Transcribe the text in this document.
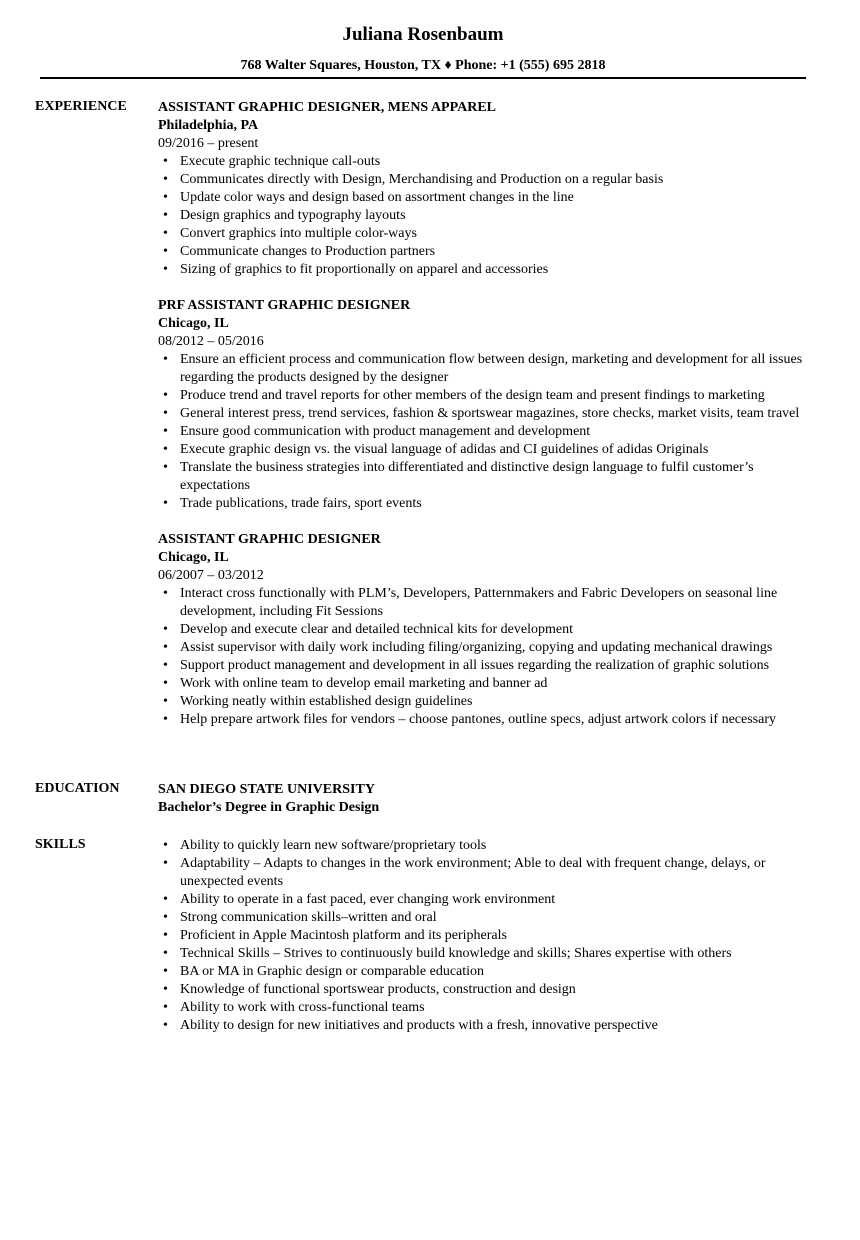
Juliana Rosenbaum
768 Walter Squares, Houston, TX ♦ Phone: +1 (555) 695 2818
EXPERIENCE ASSISTANT GRAPHIC DESIGNER, MENS APPAREL
Philadelphia, PA
09/2016 – present
• Execute graphic technique call-outs
• Communicates directly with Design, Merchandising and Production on a regular basis
• Update color ways and design based on assortment changes in the line
• Design graphics and typography layouts
• Convert graphics into multiple color-ways
• Communicate changes to Production partners
• Sizing of graphics to fit proportionally on apparel and accessories
PRF ASSISTANT GRAPHIC DESIGNER
Chicago, IL
08/2012 – 05/2016
• Ensure an efficient process and communication flow between design, marketing and development for all issues regarding the products designed by the designer
• Produce trend and travel reports for other members of the design team and present findings to marketing
• General interest press, trend services, fashion & sportswear magazines, store checks, market visits, team travel
• Ensure good communication with product management and development
• Execute graphic design vs. the visual language of adidas and CI guidelines of adidas Originals
• Translate the business strategies into differentiated and distinctive design language to fulfil customer’s expectations
• Trade publications, trade fairs, sport events
ASSISTANT GRAPHIC DESIGNER
Chicago, IL
06/2007 – 03/2012
• Interact cross functionally with PLM’s, Developers, Patternmakers and Fabric Developers on seasonal line development, including Fit Sessions
• Develop and execute clear and detailed technical kits for development
• Assist supervisor with daily work including filing/organizing, copying and updating mechanical drawings
• Support product management and development in all issues regarding the realization of graphic solutions
• Work with online team to develop email marketing and banner ad
• Working neatly within established design guidelines
• Help prepare artwork files for vendors – choose pantones, outline specs, adjust artwork colors if necessary
EDUCATION	SAN DIEGO STATE UNIVERSITY
Bachelor’s Degree in Graphic Design
SKILLS	• Ability to quickly learn new software/proprietary tools
• Adaptability – Adapts to changes in the work environment; Able to deal with frequent change, delays, or unexpected events
• Ability to operate in a fast paced, ever changing work environment
• Strong communication skills–written and oral
• Proficient in Apple Macintosh platform and its peripherals
• Technical Skills – Strives to continuously build knowledge and skills; Shares expertise with others
• BA or MA in Graphic design or comparable education
• Knowledge of functional sportswear products, construction and design
• Ability to work with cross-functional teams
• Ability to design for new initiatives and products with a fresh, innovative perspective
